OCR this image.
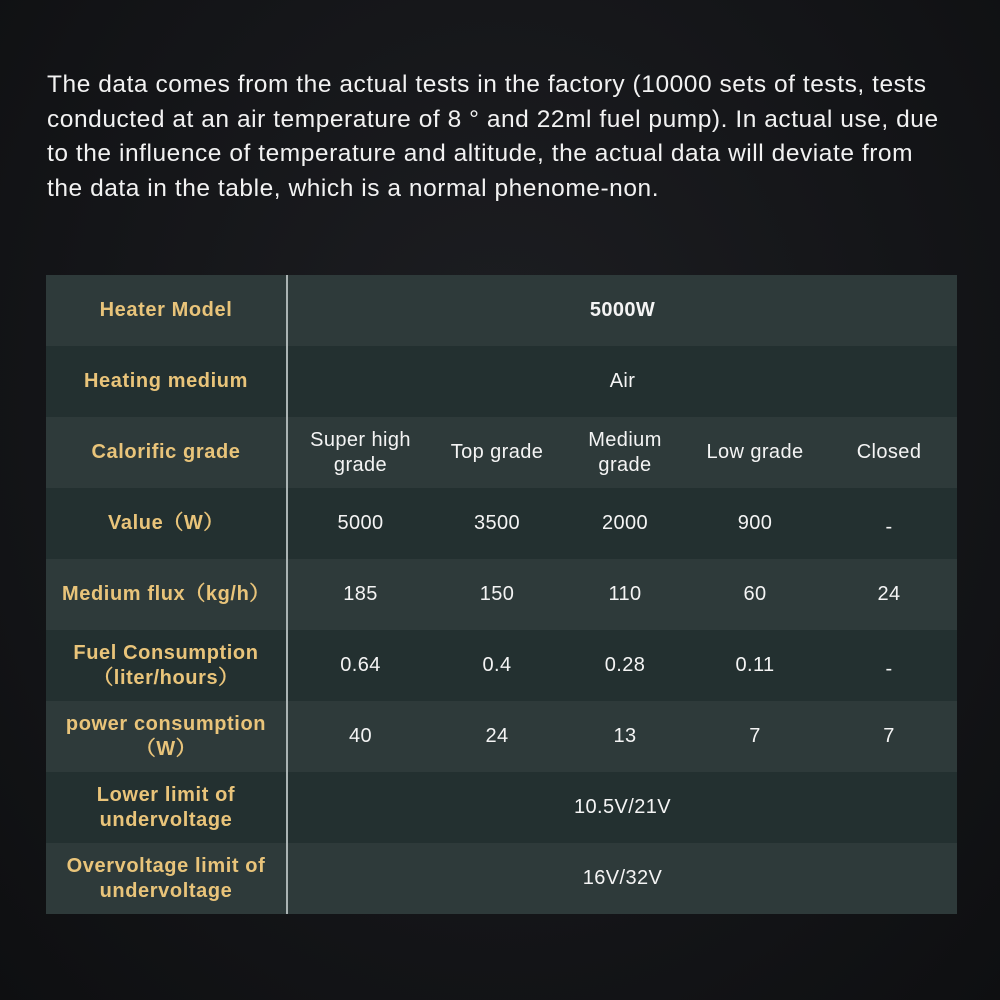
The data comes from the actual tests in the factory (10000 sets of tests, tests conducted at an air temperature of 8 ° and 22ml fuel pump). In actual use, due to the influence of temperature and altitude, the actual data will deviate from the data in the table, which is a normal phenome-non.

Heater Model	5000W				
Heating medium	Air				
Calorific grade	Super high grade	Top grade	Medium grade	Low grade	Closed
Value（W）	5000	3500	2000	900	-
Medium flux（kg/h）	185	150	110	60	24
Fuel Consumption（liter/hours）	0.64	0.4	0.28	0.11	-
power consumption（W）	40	24	13	7	7
Lower limit of undervoltage	10.5V/21V				
Overvoltage limit of undervoltage	16V/32V				
